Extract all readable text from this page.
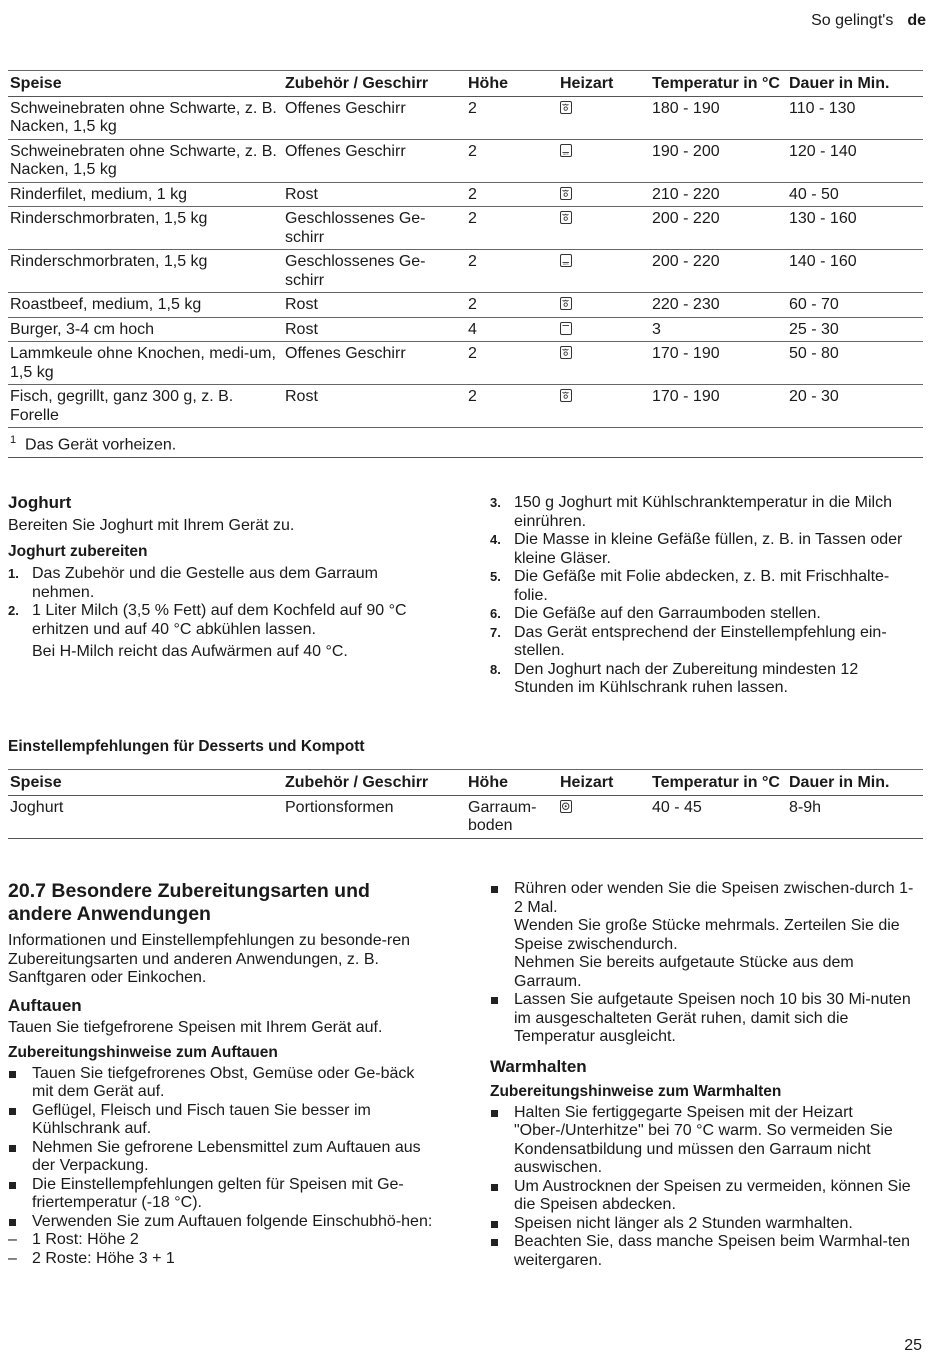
So gelingt's de
Speise	Zubehör / Geschirr	Höhe	Heizart	Temperatur in °C	Dauer in Min.
Schweinebraten ohne Schwarte, z. B. Nacken, 1,5 kg	Offenes Geschirr	2		180 - 190	110 - 130
Schweinebraten ohne Schwarte, z. B. Nacken, 1,5 kg	Offenes Geschirr	2	eco	190 - 200	120 - 140
Rinderfilet, medium, 1 kg	Rost	2		210 - 220	40 - 50
Rinderschmorbraten, 1,5 kg	Geschlossenes Ge-schirr	2		200 - 220	130 - 160
Rinderschmorbraten, 1,5 kg	Geschlossenes Ge-schirr	2	eco	200 - 220	140 - 160
Roastbeef, medium, 1,5 kg	Rost	2		220 - 230	60 - 70
Burger, 3-4 cm hoch	Rost	4		3	25 - 30
Lammkeule ohne Knochen, medi-um, 1,5 kg	Offenes Geschirr	2		170 - 190	50 - 80
Fisch, gegrillt, ganz 300 g, z. B. Forelle	Rost	2		170 - 190	20 - 30
$^1$ Das Gerät vorheizen.					
Joghurt

Bereiten Sie Joghurt mit Ihrem Gerät zu.

Joghurt zubereiten
1. Das Zubehör und die Gestelle aus dem Garraum nehmen.
2. 1 Liter Milch (3,5 % Fett) auf dem Kochfeld auf 90 °C erhitzen und auf 40 °C abkühlen lassen.

Bei H-Milch reicht das Aufwärmen auf 40 °C.

3. 150 g Joghurt mit Kühlschranktemperatur in die Milch einrühren.
4. Die Masse in kleine Gefäße füllen, z. B. in Tassen oder kleine Gläser.
5. Die Gefäße mit Folie abdecken, z. B. mit Frischhalte-folie.
6. Die Gefäße auf den Garraumboden stellen.
7. Das Gerät entsprechend der Einstellempfehlung ein-stellen.
8. Den Joghurt nach der Zubereitung mindesten 12 Stunden im Kühlschrank ruhen lassen.
Einstellempfehlungen für Desserts und Kompott
Speise	Zubehör / Geschirr	Höhe	Heizart	Temperatur in °C	Dauer in Min.
Joghurt	Portionsformen	Garraum-boden		40 - 45	8-9h

20.7 Besondere Zubereitungsarten und andere Anwendungen

Informationen und Einstellempfehlungen zu besonde-ren Zubereitungsarten und anderen Anwendungen, z. B. Sanftgaren oder Einkochen.

Auftauen

Tauen Sie tiefgefrorene Speisen mit Ihrem Gerät auf.

Zubereitungshinweise zum Auftauen
Tauen Sie tiefgefrorenes Obst, Gemüse oder Ge-bäck mit dem Gerät auf.
Geflügel, Fleisch und Fisch tauen Sie besser im Kühlschrank auf.
Nehmen Sie gefrorene Lebensmittel zum Auftauen aus der Verpackung.
Die Einstellempfehlungen gelten für Speisen mit Ge-friertemperatur (-18 °C).
Verwenden Sie zum Auftauen folgende Einschubhö-hen:
– 1 Rost: Höhe 2
– 2 Roste: Höhe 3 + 1
Rühren oder wenden Sie die Speisen zwischen-durch 1-2 Mal.
Wenden Sie große Stücke mehrmals. Zerteilen Sie die Speise zwischendurch.
Nehmen Sie bereits aufgetaute Stücke aus dem Garraum.
Lassen Sie aufgetaute Speisen noch 10 bis 30 Mi-nuten im ausgeschalteten Gerät ruhen, damit sich die Temperatur ausgleicht.
Warmhalten
Zubereitungshinweise zum Warmhalten
Halten Sie fertiggegarte Speisen mit der Heizart "Ober-/Unterhitze" bei 70 °C warm. So vermeiden Sie Kondensatbildung und müssen den Garraum nicht auswischen.
Um Austrocknen der Speisen zu vermeiden, können Sie die Speisen abdecken.
Speisen nicht länger als 2 Stunden warmhalten.
Beachten Sie, dass manche Speisen beim Warmhal-ten weitergaren.
25
